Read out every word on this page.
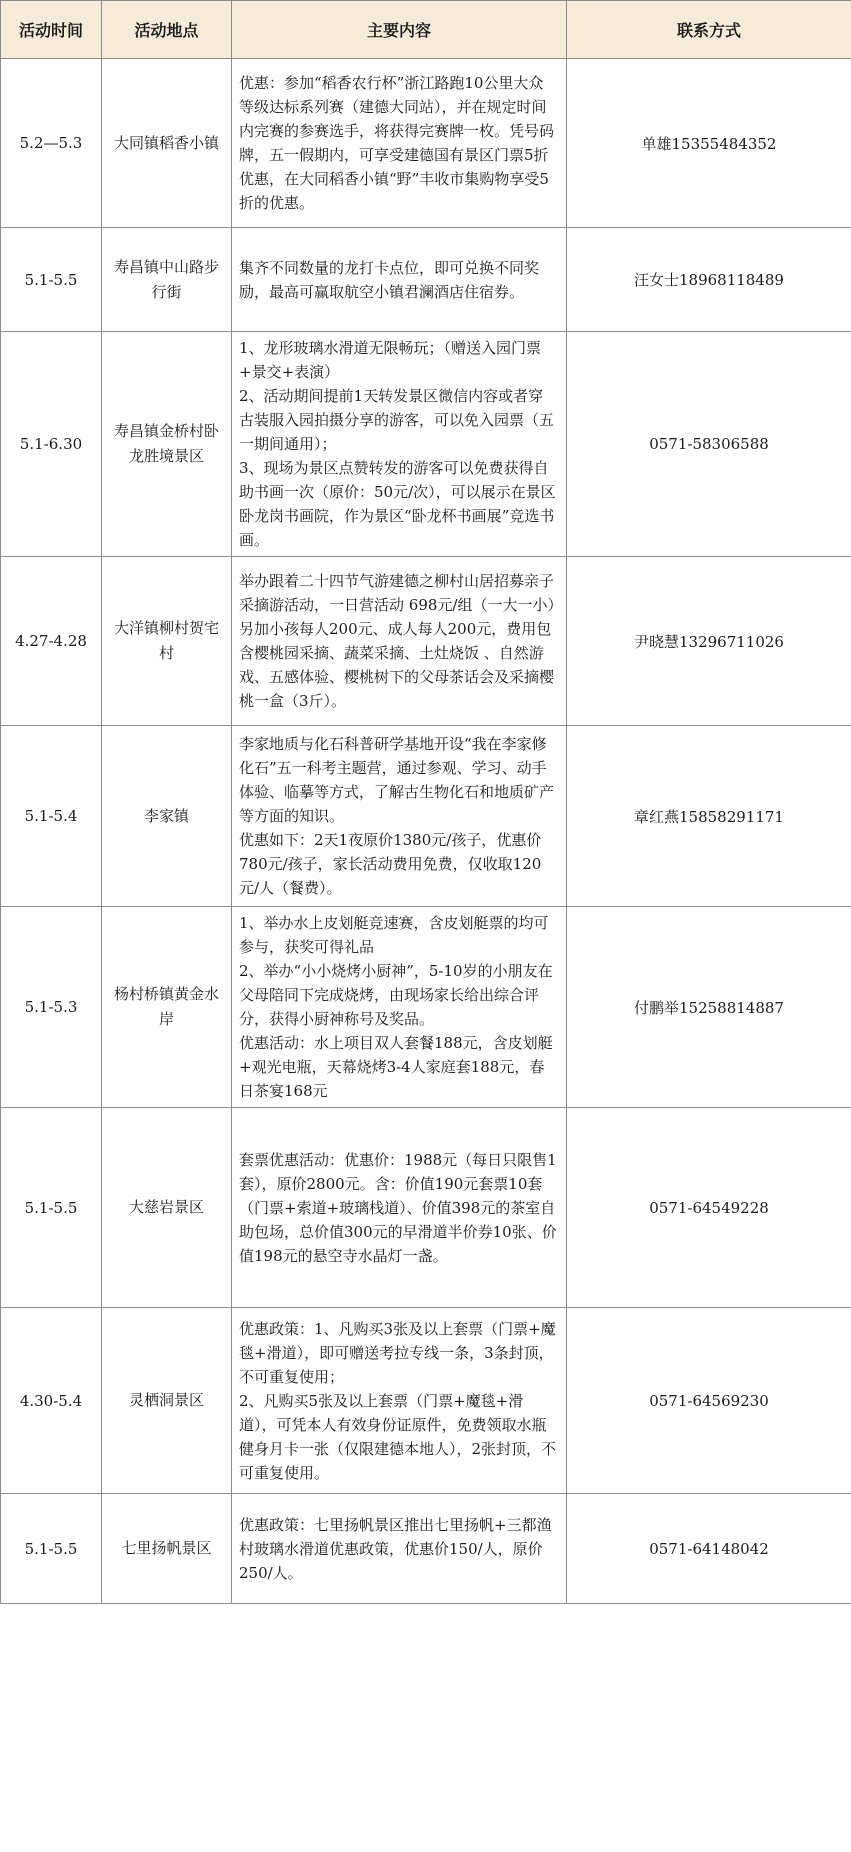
活动时间	活动地点	主要内容	联系方式
5.2—5.3	大同镇稻香小镇	优惠：参加“稻香农行杯”浙江路跑10公里大众等级达标系列赛（建德大同站），并在规定时间内完赛的参赛选手，将获得完赛牌一枚。凭号码牌，五一假期内，可享受建德国有景区门票5折优惠，在大同稻香小镇“野”丰收市集购物享受5折的优惠。	单雄15355484352
5.1-5.5	寿昌镇中山路步行街	集齐不同数量的龙打卡点位，即可兑换不同奖励，最高可赢取航空小镇君澜酒店住宿券。	汪女士18968118489
5.1-6.30	寿昌镇金桥村卧龙胜境景区	1、龙形玻璃水滑道无限畅玩；（赠送入园门票+景交+表演）
2、活动期间提前1天转发景区微信内容或者穿古装服入园拍摄分享的游客，可以免入园票（五一期间通用）；
3、现场为景区点赞转发的游客可以免费获得自助书画一次（原价：50元/次），可以展示在景区卧龙岗书画院，作为景区“卧龙杯书画展”竞选书画。	0571-58306588
4.27-4.28	大洋镇柳村贺宅村	举办跟着二十四节气游建德之柳村山居招募亲子采摘游活动，一日营活动 698元/组（一大一小）另加小孩每人200元、成人每人200元，费用包含樱桃园采摘、蔬菜采摘、土灶烧饭 、自然游戏、五感体验、樱桃树下的父母茶话会及采摘樱桃一盒（3斤）。	尹晓慧13296711026
5.1-5.4	李家镇	李家地质与化石科普研学基地开设“我在李家修化石”五一科考主题营，通过参观、学习、动手体验、临摹等方式，了解古生物化石和地质矿产等方面的知识。
优惠如下：2天1夜原价1380元/孩子，优惠价780元/孩子，家长活动费用免费，仅收取120元/人（餐费）。	章红燕15858291171
5.1-5.3	杨村桥镇黄金水岸	1、举办水上皮划艇竞速赛，含皮划艇票的均可参与，获奖可得礼品
2、举办“小小烧烤小厨神”，5-10岁的小朋友在父母陪同下完成烧烤，由现场家长给出综合评分，获得小厨神称号及奖品。
优惠活动：水上项目双人套餐188元，含皮划艇+观光电瓶，天幕烧烤3-4人家庭套188元，春日茶宴168元	付鹏举15258814887
5.1-5.5	大慈岩景区	套票优惠活动：优惠价：1988元（每日只限售1套），原价2800元。含：价值190元套票10套（门票+索道+玻璃栈道）、价值398元的茶室自助包场，总价值300元的早滑道半价券10张、价值198元的悬空寺水晶灯一盏。	0571-64549228
4.30-5.4	灵栖洞景区	优惠政策：1、凡购买3张及以上套票（门票+魔毯+滑道），即可赠送考拉专线一条，3条封顶，不可重复使用；
2、凡购买5张及以上套票（门票+魔毯+滑道），可凭本人有效身份证原件，免费领取水瓶健身月卡一张（仅限建德本地人），2张封顶，不可重复使用。	0571-64569230
5.1-5.5	七里扬帆景区	优惠政策：七里扬帆景区推出七里扬帆+三都渔村玻璃水滑道优惠政策，优惠价150/人，原价250/人。	0571-64148042
